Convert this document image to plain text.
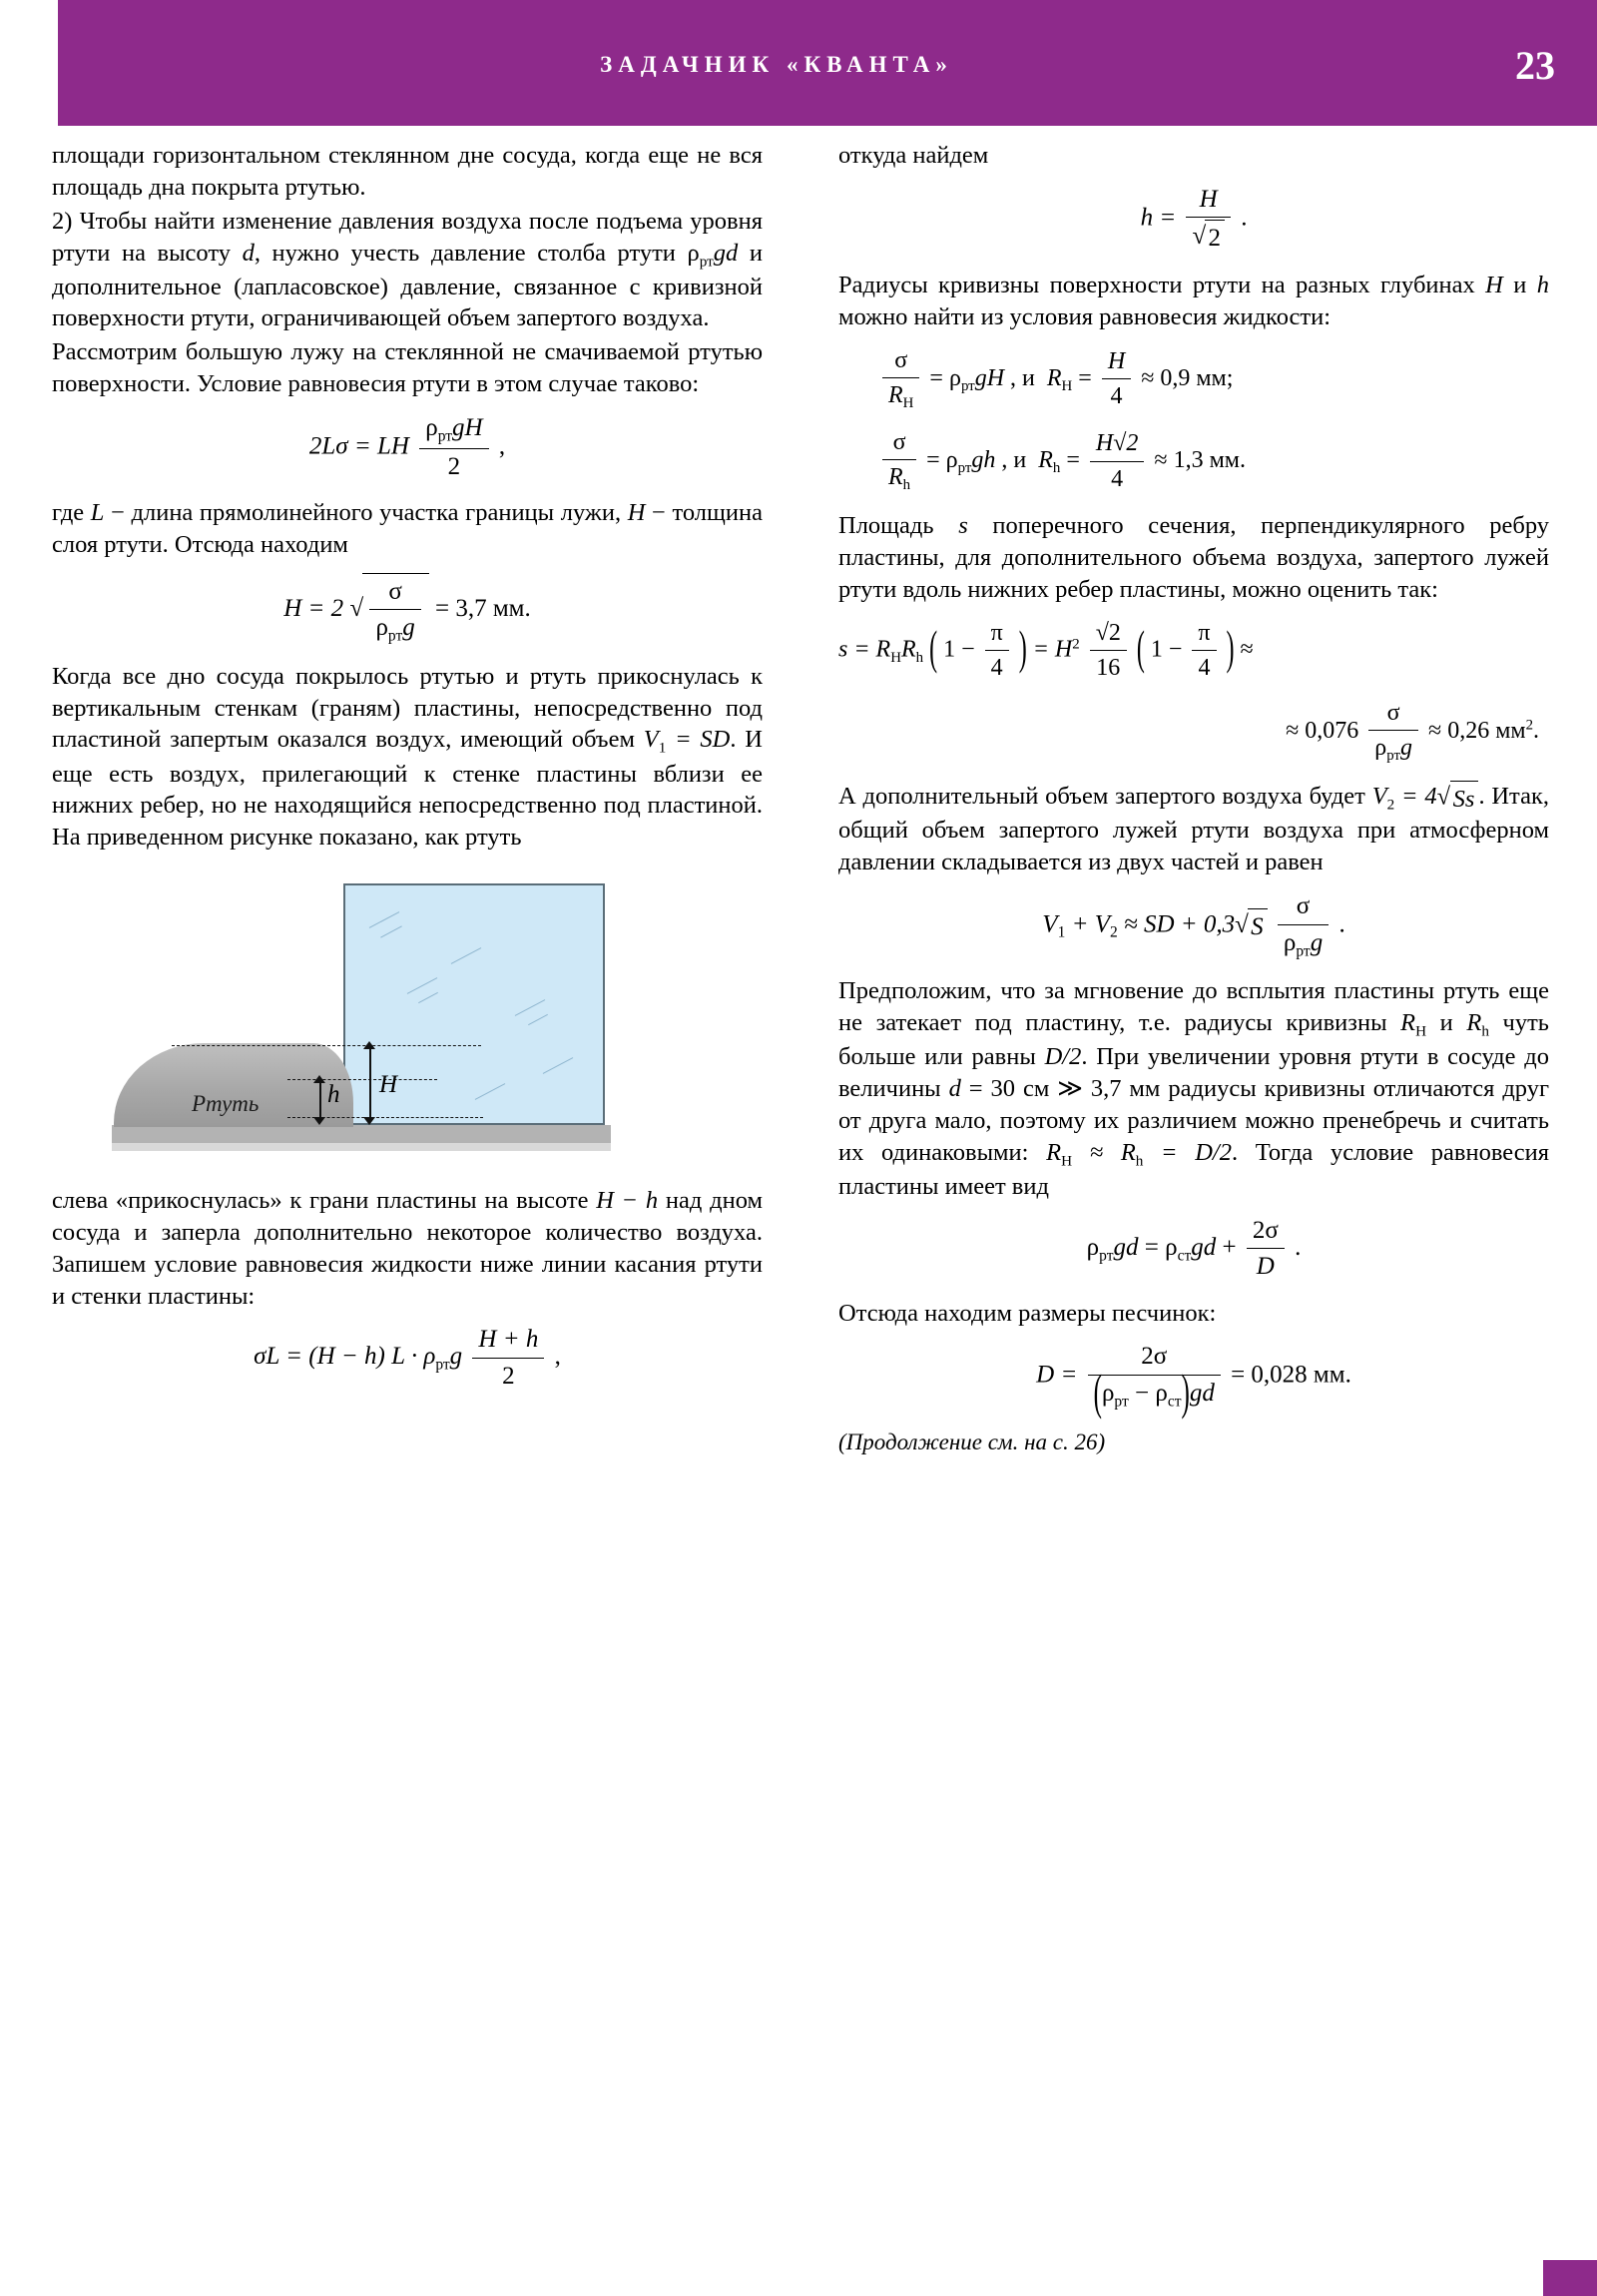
ЗАДАЧНИК «КВАНТА»	23

площади горизонтальном стеклянном дне сосуда, когда еще не вся площадь дна покрыта ртутью.

2) Чтобы найти изменение давления воздуха после подъема уровня ртути на высоту d, нужно учесть давление столба ртути $\rho_{рт}gd$ и дополнительное (лапласовское) давление, связанное с кривизной поверхности ртути, ограничивающей объем запертого воздуха.

Рассмотрим большую лужу на стеклянной не смачиваемой ртутью поверхности. Условие равновесия ртути в этом случае таково:

2Lσ = LH $\frac{\rho_{рт}gH}{2}$ ,

где L − длина прямолинейного участка границы лужи, H − толщина слоя ртути. Отсюда находим

H = 2 √ $\frac{\sigma}{\rho_{рт}g} = 3,7$ мм.

Когда все дно сосуда покрылось ртутью и ртуть прикоснулась к вертикальным стенкам (граням) пластины, непосредственно под пластиной запертым оказался воздух, имеющий объем $V_1$ = SD. И еще есть воздух, прилегающий к стенке пластины вблизи ее нижних ребер, но не находящийся непосредственно под пластиной. На приведенном рисунке показано, как ртуть

Ртуть	h H

слева «прикоснулась» к грани пластины на высоте H − h над дном сосуда и заперла дополнительно некоторое количество воздуха. Запишем условие равновесия жидкости ниже линии касания ртути и стенки пластины:

σL = (H − h) $L \cdot \rho_{рт}g \frac{H + h}{2}$ ,

откуда найдем

$h = \frac{H}{√ 2}$ .

Радиусы кривизны поверхности ртути на разных глубинах H и h можно найти из условия равновесия жидкости:

$\frac{\sigma}{R_H} = \rho_{рт}gH$ , и $R_H = \frac{H}{4} \approx 0,9$ мм;
$\frac{\sigma}{R_h} = \rho_{рт}gh$ , и $R_h = \frac{H√2}{4} \approx 1,3$ мм.

Площадь s поперечного сечения, перпендикулярного ребру пластины, для дополнительного объема воздуха, запертого лужей ртути вдоль нижних ребер пластины, можно оценить так:

$s = R_HR_h$ ( $1 - \frac{\pi}{4}$ ) = $H^2 \frac{√2}{16}$ ( $1 - \frac{\pi}{4}$ ) ≈
≈ $0,076 \frac{\sigma}{\rho_{рт}g} \approx 0,26$ $мм^2$.

А дополнительный объем запертого воздуха будет $V_2 = 4$ √ Ss . Итак, общий объем запертого лужей ртути воздуха при атмосферном давлении складывается из двух частей и равен

$V_1 + V_2$ ≈ SD + 0,3 √ S $\frac{\sigma}{\rho_{рт}g}$ .

Предположим, что за мгновение до всплытия пластины ртуть еще не затекает под пластину, т.е. радиусы кривизны $R_H$ и $R_h$ чуть больше или равны D/2. При увеличении уровня ртути в сосуде до величины d = 30 см ≫ 3,7 мм радиусы кривизны отличаются друг от друга мало, поэтому их различием можно пренебречь и считать их одинаковыми: $R_H \approx R_h = D/2$. Тогда условие равновесия пластины имеет вид

$\rho_{рт}gd = \rho_{ст}gd + \frac{2\sigma}{D}$ .

Отсюда находим размеры песчинок:

$D = \frac{2\sigma}{(\rho_{рт} - \rho_{ст})gd} = 0,028$ мм.

(Продолжение см. на с. 26)
